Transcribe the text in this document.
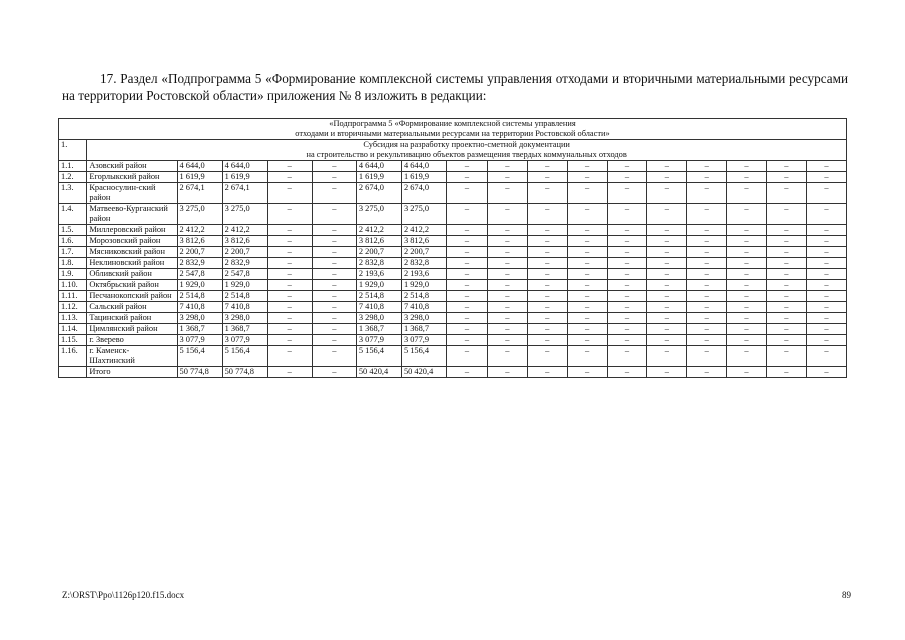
17. Раздел «Подпрограмма 5 «Формирование комплексной системы управления отходами и вторичными материальными ресурсами на территории Ростовской области» приложения № 8 изложить в редакции:

«Подпрограмма 5 «Формирование комплексной системы управления
отходами и вторичными материальными ресурсами на территории Ростовской области»																	

1.	Субсидия на разработку проектно-сметной документации
на строительство и рекультивацию объектов размещения твердых коммунальных отходов																

1.1.	Азовский район	4 644,0	4 644,0	–	–	4 644,0	4 644,0	–	–	–	–	–	–	–	–	–	–
1.2.	Егорлыкский район	1 619,9	1 619,9	–	–	1 619,9	1 619,9	–	–	–	–	–	–	–	–	–	–
1.3.	Красносулин-ский район	2 674,1	2 674,1	–	–	2 674,0	2 674,0	–	–	–	–	–	–	–	–	–	–
1.4.	Матвеево-Курганский район	3 275,0	3 275,0	–	–	3 275,0	3 275,0	–	–	–	–	–	–	–	–	–	–
1.5.	Миллеровский район	2 412,2	2 412,2	–	–	2 412,2	2 412,2	–	–	–	–	–	–	–	–	–	–
1.6.	Морозовский район	3 812,6	3 812,6	–	–	3 812,6	3 812,6	–	–	–	–	–	–	–	–	–	–
1.7.	Мясниковский район	2 200,7	2 200,7	–	–	2 200,7	2 200,7	–	–	–	–	–	–	–	–	–	–
1.8.	Неклиновский район	2 832,9	2 832,9	–	–	2 832,8	2 832,8	–	–	–	–	–	–	–	–	–	–
1.9.	Обливский район	2 547,8	2 547,8	–	–	2 193,6	2 193,6	–	–	–	–	–	–	–	–	–	–
1.10.	Октябрьский район	1 929,0	1 929,0	–	–	1 929,0	1 929,0	–	–	–	–	–	–	–	–	–	–
1.11.	Песчанокопский район	2 514,8	2 514,8	–	–	2 514,8	2 514,8	–	–	–	–	–	–	–	–	–	–
1.12.	Сальский район	7 410,8	7 410,8	–	–	7 410,8	7 410,8	–	–	–	–	–	–	–	–	–	–
1.13.	Тацинский район	3 298,0	3 298,0	–	–	3 298,0	3 298,0	–	–	–	–	–	–	–	–	–	–
1.14.	Цимлянский район	1 368,7	1 368,7	–	–	1 368,7	1 368,7	–	–	–	–	–	–	–	–	–	–
1.15.	г. Зверево	3 077,9	3 077,9	–	–	3 077,9	3 077,9	–	–	–	–	–	–	–	–	–	–
1.16.	г. Каменск-Шахтинский	5 156,4	5 156,4	–	–	5 156,4	5 156,4	–	–	–	–	–	–	–	–	–	–
	Итого	50 774,8	50 774,8	–	–	50 420,4	50 420,4	–	–	–	–	–	–	–	–	–	–
Z:\ORST\Ppo\1126p120.f15.docx	89
